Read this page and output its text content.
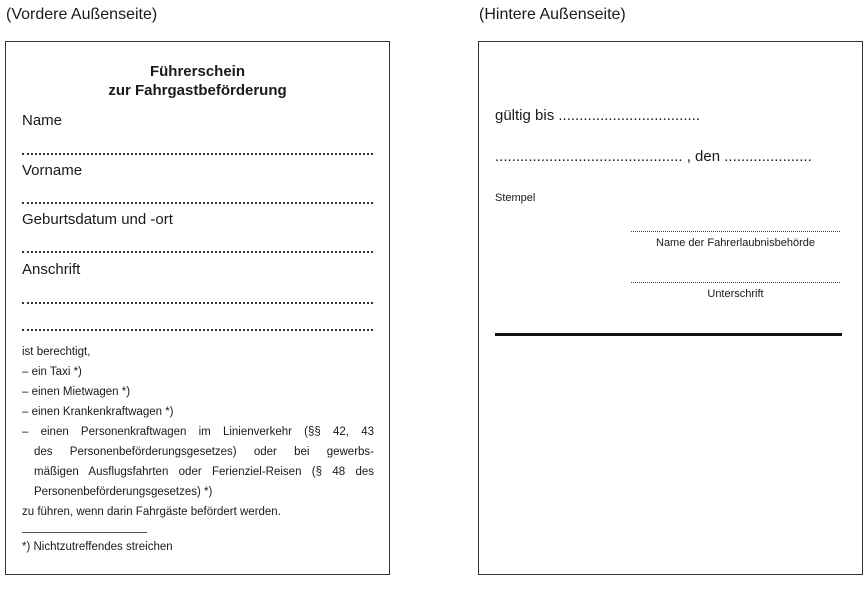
(Vordere Außenseite)	(Hintere Außenseite)
Führerschein
zur Fahrgastbeförderung
Name
Vorname
Geburtsdatum und -ort
Anschrift
ist berechtigt,
– ein Taxi *)
– einen Mietwagen *)
– einen Krankenkraftwagen *)
– einen Personenkraftwagen im Linienverkehr (§§ 42, 43
des Personenbeförderungsgesetzes) oder bei gewerbs-
mäßigen Ausflugsfahrten oder Ferienziel-Reisen (§ 48 des
Personenbeförderungsgesetzes) *)
zu führen, wenn darin Fahrgäste befördert werden.
*) Nichtzutreffendes streichen
gültig bis ..................................
............................................. , den .....................
Stempel
Name der Fahrerlaubnisbehörde
Unterschrift
